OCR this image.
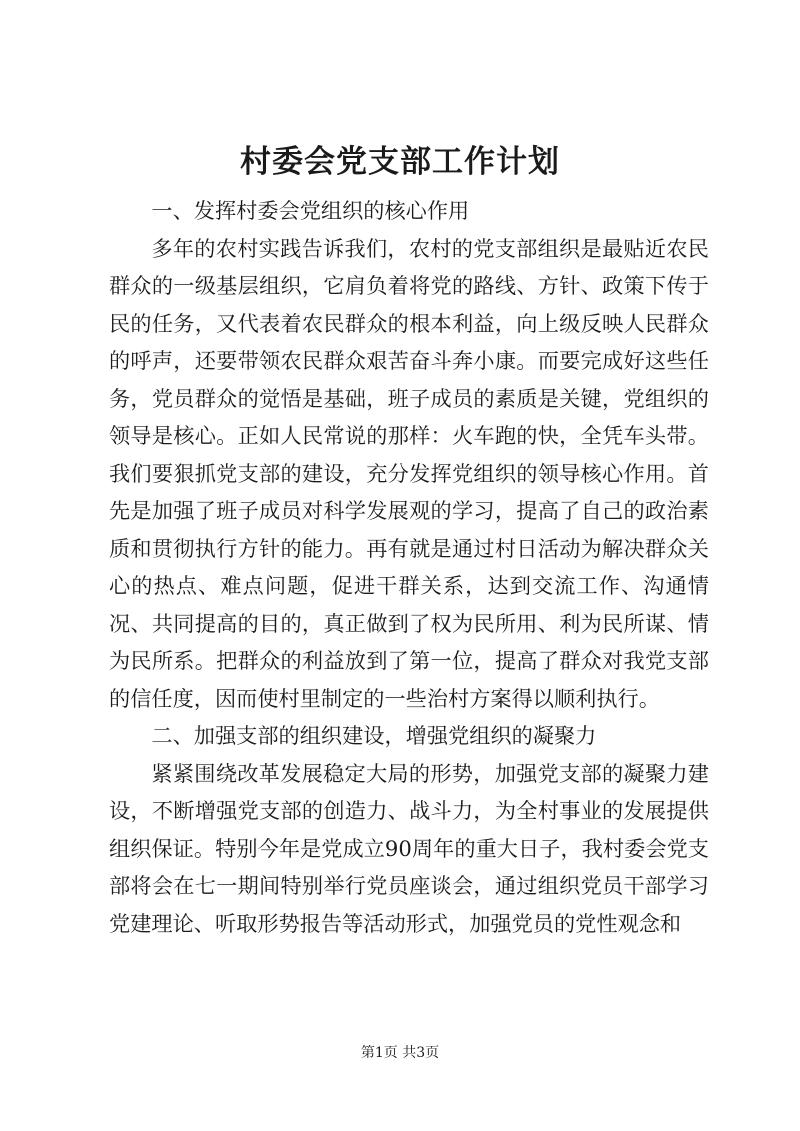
村委会党支部工作计划

一、发挥村委会党组织的核心作用

多年的农村实践告诉我们，农村的党支部组织是最贴近农民群众的一级基层组织，它肩负着将党的路线、方针、政策下传于民的任务，又代表着农民群众的根本利益，向上级反映人民群众的呼声，还要带领农民群众艰苦奋斗奔小康。而要完成好这些任务，党员群众的觉悟是基础，班子成员的素质是关键，党组织的领导是核心。正如人民常说的那样：火车跑的快，全凭车头带。我们要狠抓党支部的建设，充分发挥党组织的领导核心作用。首先是加强了班子成员对科学发展观的学习，提高了自己的政治素质和贯彻执行方针的能力。再有就是通过村日活动为解决群众关心的热点、难点问题，促进干群关系，达到交流工作、沟通情况、共同提高的目的，真正做到了权为民所用、利为民所谋、情为民所系。把群众的利益放到了第一位，提高了群众对我党支部的信任度，因而使村里制定的一些治村方案得以顺利执行。

二、加强支部的组织建设，增强党组织的凝聚力

紧紧围绕改革发展稳定大局的形势，加强党支部的凝聚力建设，不断增强党支部的创造力、战斗力，为全村事业的发展提供组织保证。特别今年是党成立90周年的重大日子，我村委会党支部将会在七一期间特别举行党员座谈会，通过组织党员干部学习党建理论、听取形势报告等活动形式，加强党员的党性观念和

第1页 共3页
